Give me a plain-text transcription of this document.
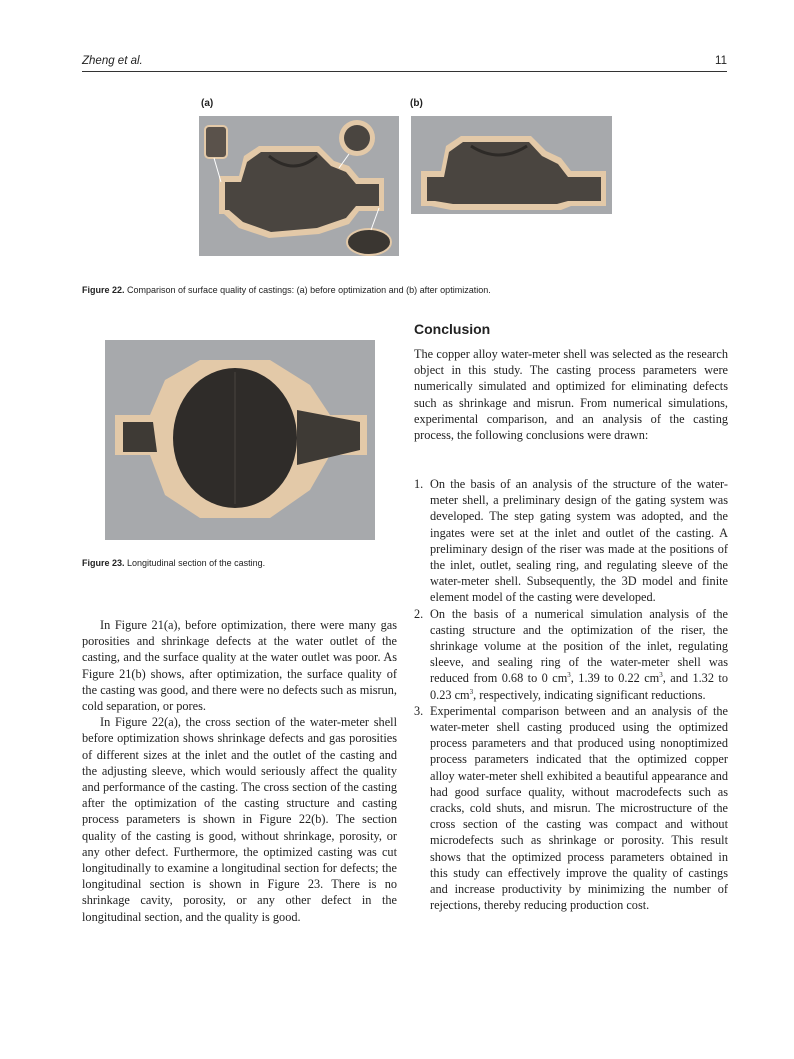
Zheng et al.	11
(a)	(b)
Figure 22. Comparison of surface quality of castings: (a) before optimization and (b) after optimization.
Figure 23. Longitudinal section of the casting.

In Figure 21(a), before optimization, there were many gas porosities and shrinkage defects at the water outlet of the casting, and the surface quality at the water outlet was poor. As Figure 21(b) shows, after optimization, the surface quality of the casting was good, and there were no defects such as misrun, cold separation, or pores.

In Figure 22(a), the cross section of the water-meter shell before optimization shows shrinkage defects and gas porosities of different sizes at the inlet and the outlet of the casting and the adjusting sleeve, which would seriously affect the quality and performance of the casting. The cross section of the casting after the optimization of the casting structure and casting process parameters is shown in Figure 22(b). The section quality of the casting is good, without shrinkage, porosity, or any other defect. Furthermore, the optimized casting was cut longitudinally to examine a longitudinal section for defects; the longitudinal section is shown in Figure 23. There is no shrinkage cavity, porosity, or any other defect in the longitudinal section, and the quality is good.

Conclusion

The copper alloy water-meter shell was selected as the research object in this study. The casting process parameters were numerically simulated and optimized for eliminating defects such as shrinkage and misrun. From numerical simulations, experimental comparison, and an analysis of the casting process, the following conclusions were drawn:

1. On the basis of an analysis of the structure of the water-meter shell, a preliminary design of the gating system was developed. The step gating system was adopted, and the ingates were set at the inlet and outlet of the casting. A preliminary design of the riser was made at the positions of the inlet, outlet, sealing ring, and regulating sleeve of the water-meter shell. Subsequently, the 3D model and finite element model of the casting were developed.
2. On the basis of a numerical simulation analysis of the casting structure and the optimization of the riser, the shrinkage volume at the position of the inlet, regulating sleeve, and sealing ring of the water-meter shell was reduced from 0.68 to 0 $cm^3$, 1.39 to 0.22 $cm^3$, and 1.32 to 0.23 $cm^3$, respectively, indicating significant reductions.
3. Experimental comparison between and an analysis of the water-meter shell casting produced using the optimized process parameters and that produced using nonoptimized process parameters indicated that the optimized copper alloy water-meter shell exhibited a beautiful appearance and had good surface quality, without macrodefects such as cracks, cold shuts, and misrun. The microstructure of the cross section of the casting was compact and without microdefects such as shrinkage or porosity. This result shows that the optimized process parameters obtained in this study can effectively improve the quality of castings and increase productivity by minimizing the number of rejections, thereby reducing production cost.
